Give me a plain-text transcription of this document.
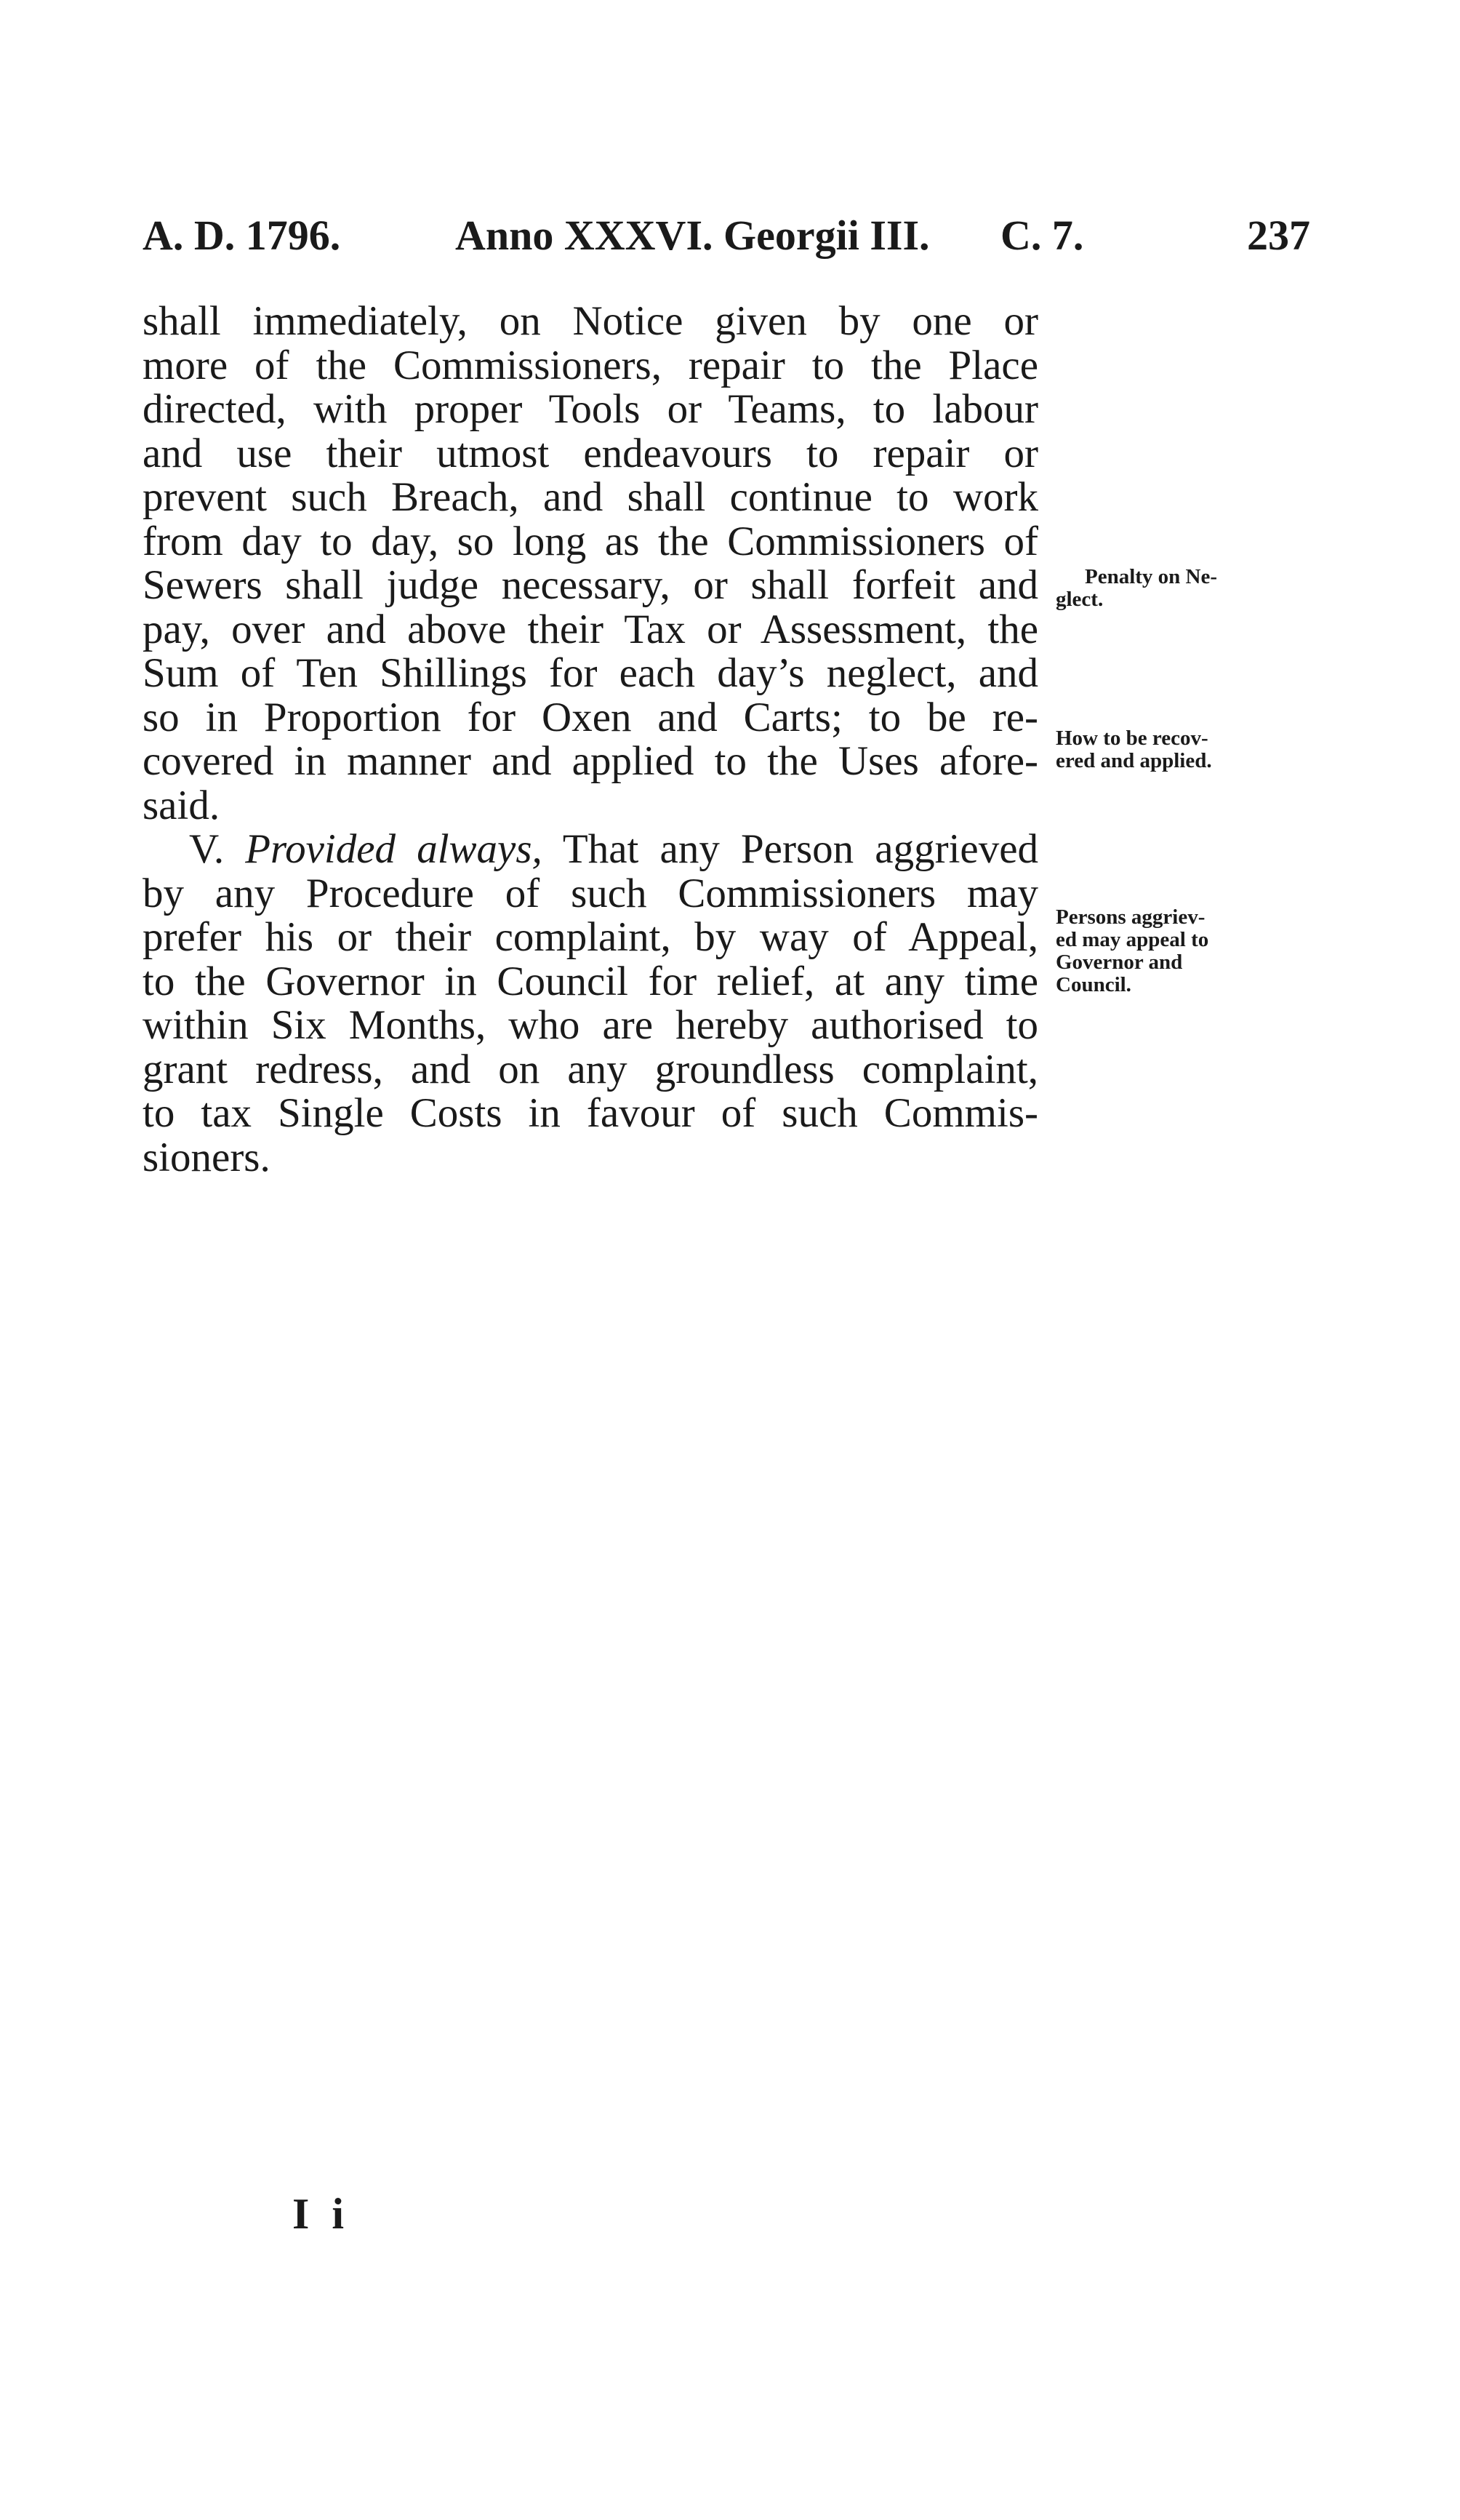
A. D. 1796.	Anno XXXVI. Georgii III. C. 7.	237
shall immediately, on Notice given by one or
more of the Commissioners, repair to the Place
directed, with proper Tools or Teams, to labour
and use their utmost endeavours to repair or
prevent such Breach, and shall continue to work
from day to day, so long as the Commissioners of
Sewers shall judge necessary, or shall forfeit and
pay, over and above their Tax or Assessment, the
Sum of Ten Shillings for each day’s neglect, and
so in Proportion for Oxen and Carts; to be re-
covered in manner and applied to the Uses afore-
said.
V. Provided always, That any Person aggrieved
by any Procedure of such Commissioners may
prefer his or their complaint, by way of Appeal,
to the Governor in Council for relief, at any time
within Six Months, who are hereby authorised to
grant redress, and on any groundless complaint,
to tax Single Costs in favour of such Commis-
sioners.
Penalty on Ne-
glect.
How to be recov-
ered and applied.
Persons aggriev-
ed may appeal to
Governor and
Council.
I i
